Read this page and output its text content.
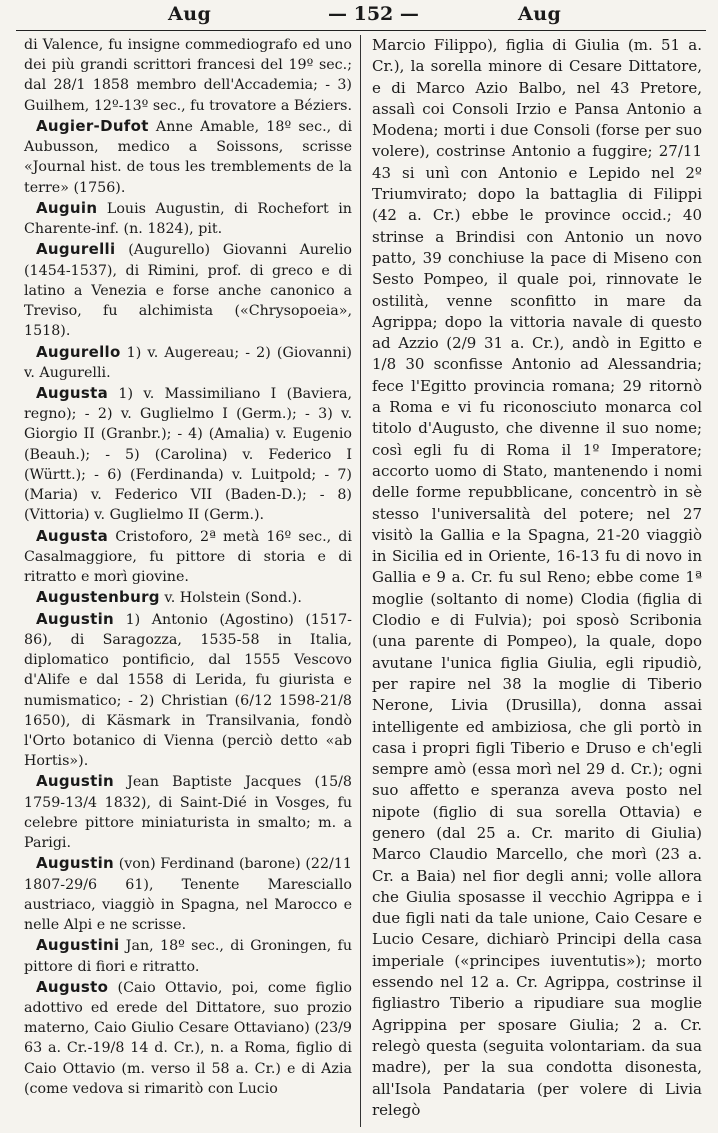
Aug	— 152 —	Aug
di Valence, fu insigne commediografo ed uno dei più grandi scrittori francesi del 19º sec.; dal 28/1 1858 membro dell'Accademia; - 3) Guilhem, 12º-13º sec., fu trovatore a Béziers.
Augier-Dufot Anne Amable, 18º sec., di Aubusson, medico a Soissons, scrisse «Journal hist. de tous les tremblements de la terre» (1756).
Auguin Louis Augustin, di Rochefort in Charente-inf. (n. 1824), pit.
Augurelli (Augurello) Giovanni Aurelio (1454-1537), di Rimini, prof. di greco e di latino a Venezia e forse anche canonico a Treviso, fu alchimista («Chrysopoeia», 1518).
Augurello 1) v. Augereau; - 2) (Giovanni) v. Augurelli.
Augusta 1) v. Massimiliano I (Baviera, regno); - 2) v. Guglielmo I (Germ.); - 3) v. Giorgio II (Granbr.); - 4) (Amalia) v. Eugenio (Beauh.); - 5) (Carolina) v. Federico I (Württ.); - 6) (Ferdinanda) v. Luitpold; - 7) (Maria) v. Federico VII (Baden-D.); - 8) (Vittoria) v. Guglielmo II (Germ.).
Augusta Cristoforo, 2ª metà 16º sec., di Casalmaggiore, fu pittore di storia e di ritratto e morì giovine.
Augustenburg v. Holstein (Sond.).
Augustin 1) Antonio (Agostino) (1517-86), di Saragozza, 1535-58 in Italia, diplomatico pontificio, dal 1555 Vescovo d'Alife e dal 1558 di Lerida, fu giurista e numismatico; - 2) Christian (6/12 1598-21/8 1650), di Käsmark in Transilvania, fondò l'Orto botanico di Vienna (perciò detto «ab Hortis»).
Augustin Jean Baptiste Jacques (15/8 1759-13/4 1832), di Saint-Dié in Vosges, fu celebre pittore miniaturista in smalto; m. a Parigi.
Augustin (von) Ferdinand (barone) (22/11 1807-29/6 61), Tenente Maresciallo austriaco, viaggiò in Spagna, nel Marocco e nelle Alpi e ne scrisse.
Augustini Jan, 18º sec., di Groningen, fu pittore di fiori e ritratto.
Augusto (Caio Ottavio, poi, come figlio adottivo ed erede del Dittatore, suo prozio materno, Caio Giulio Cesare Ottaviano) (23/9 63 a. Cr.-19/8 14 d. Cr.), n. a Roma, figlio di Caio Ottavio (m. verso il 58 a. Cr.) e di Azia (come vedova si rimaritò con Lucio
Marcio Filippo), figlia di Giulia (m. 51 a. Cr.), la sorella minore di Cesare Dittatore, e di Marco Azio Balbo, nel 43 Pretore, assalì coi Consoli Irzio e Pansa Antonio a Modena; morti i due Consoli (forse per suo volere), costrinse Antonio a fuggire; 27/11 43 si unì con Antonio e Lepido nel 2º Triumvirato; dopo la battaglia di Filippi (42 a. Cr.) ebbe le province occid.; 40 strinse a Brindisi con Antonio un novo patto, 39 conchiuse la pace di Miseno con Sesto Pompeo, il quale poi, rinnovate le ostilità, venne sconfitto in mare da Agrippa; dopo la vittoria navale di questo ad Azzio (2/9 31 a. Cr.), andò in Egitto e 1/8 30 sconfisse Antonio ad Alessandria; fece l'Egitto provincia romana; 29 ritornò a Roma e vi fu riconosciuto monarca col titolo d'Augusto, che divenne il suo nome; così egli fu di Roma il 1º Imperatore; accorto uomo di Stato, mantenendo i nomi delle forme repubblicane, concentrò in sè stesso l'universalità del potere; nel 27 visitò la Gallia e la Spagna, 21-20 viaggiò in Sicilia ed in Oriente, 16-13 fu di novo in Gallia e 9 a. Cr. fu sul Reno; ebbe come 1ª moglie (soltanto di nome) Clodia (figlia di Clodio e di Fulvia); poi sposò Scribonia (una parente di Pompeo), la quale, dopo avutane l'unica figlia Giulia, egli ripudiò, per rapire nel 38 la moglie di Tiberio Nerone, Livia (Drusilla), donna assai intelligente ed ambiziosa, che gli portò in casa i propri figli Tiberio e Druso e ch'egli sempre amò (essa morì nel 29 d. Cr.); ogni suo affetto e speranza aveva posto nel nipote (figlio di sua sorella Ottavia) e genero (dal 25 a. Cr. marito di Giulia) Marco Claudio Marcello, che morì (23 a. Cr. a Baia) nel fior degli anni; volle allora che Giulia sposasse il vecchio Agrippa e i due figli nati da tale unione, Caio Cesare e Lucio Cesare, dichiarò Principi della casa imperiale («principes iuventutis»); morto essendo nel 12 a. Cr. Agrippa, costrinse il figliastro Tiberio a ripudiare sua moglie Agrippina per sposare Giulia; 2 a. Cr. relegò questa (seguita volontariam. da sua madre), per la sua condotta disonesta, all'Isola Pandataria (per volere di Livia relegò
